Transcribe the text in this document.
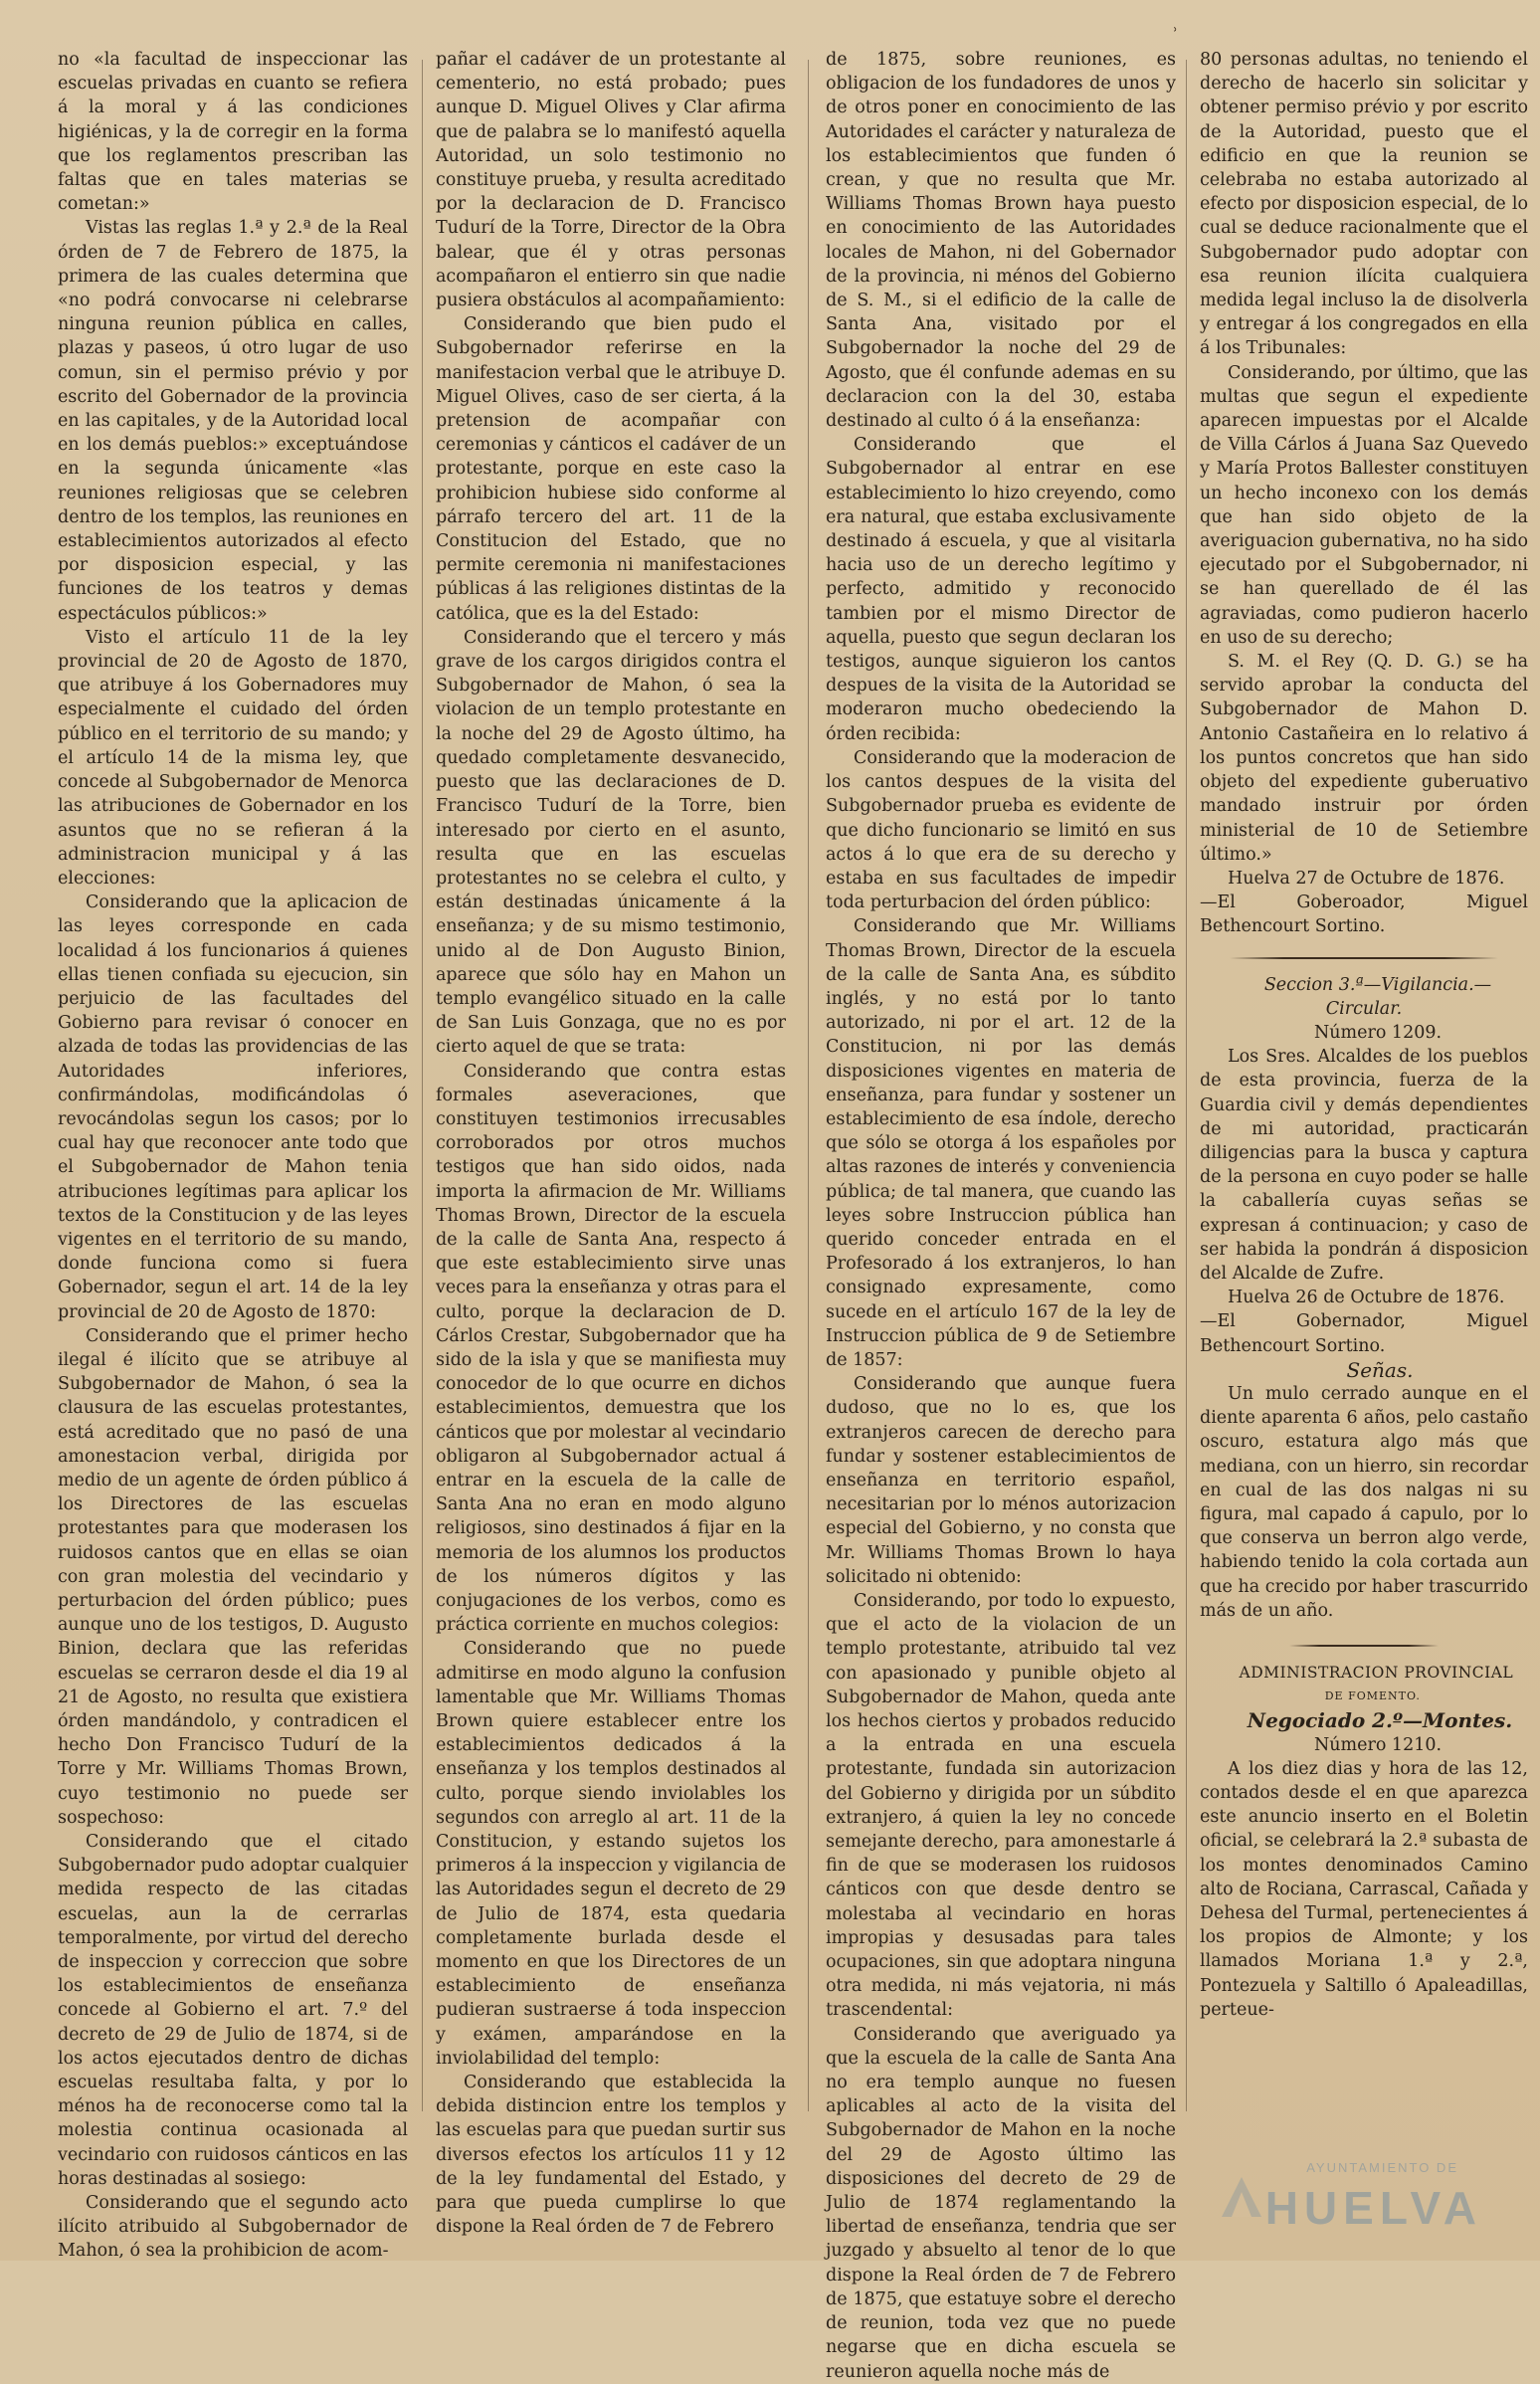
⸒

no «la facultad de inspeccionar las escuelas privadas en cuanto se refiera á la moral y á las condiciones higiénicas, y la de corregir en la forma que los reglamentos prescriban las faltas que en tales materias se cometan:»

Vistas las reglas 1.ª y 2.ª de la Real órden de 7 de Febrero de 1875, la primera de las cuales determina que «no podrá convocarse ni celebrarse ninguna reunion pública en calles, plazas y paseos, ú otro lugar de uso comun, sin el permiso prévio y por escrito del Gobernador de la provincia en las capitales, y de la Autoridad local en los demás pueblos:» exceptuándose en la segunda únicamente «las reuniones religiosas que se celebren dentro de los templos, las reuniones en establecimientos autorizados al efecto por disposicion especial, y las funciones de los teatros y demas espectáculos públicos:»

Visto el artículo 11 de la ley provincial de 20 de Agosto de 1870, que atribuye á los Gobernadores muy especialmente el cuidado del órden público en el territorio de su mando; y el artículo 14 de la misma ley, que concede al Subgobernador de Menorca las atribuciones de Gobernador en los asuntos que no se refieran á la administracion municipal y á las elecciones:

Considerando que la aplicacion de las leyes corresponde en cada localidad á los funcionarios á quienes ellas tienen confiada su ejecucion, sin perjuicio de las facultades del Gobierno para revisar ó conocer en alzada de todas las providencias de las Autoridades inferiores, confirmándolas, modificándolas ó revocándolas segun los casos; por lo cual hay que reconocer ante todo que el Subgobernador de Mahon tenia atribuciones legítimas para aplicar los textos de la Constitucion y de las leyes vigentes en el territorio de su mando, donde funciona como si fuera Gobernador, segun el art. 14 de la ley provincial de 20 de Agosto de 1870:

Considerando que el primer hecho ilegal é ilícito que se atribuye al Subgobernador de Mahon, ó sea la clausura de las escuelas protestantes, está acreditado que no pasó de una amonestacion verbal, dirigida por medio de un agente de órden público á los Directores de las escuelas protestantes para que moderasen los ruidosos cantos que en ellas se oian con gran molestia del vecindario y perturbacion del órden público; pues aunque uno de los testigos, D. Augusto Binion, declara que las referidas escuelas se cerraron desde el dia 19 al 21 de Agosto, no resulta que existiera órden mandándolo, y contradicen el hecho Don Francisco Tudurí de la Torre y Mr. Williams Thomas Brown, cuyo testimonio no puede ser sospechoso:

Considerando que el citado Subgobernador pudo adoptar cualquier medida respecto de las citadas escuelas, aun la de cerrarlas temporalmente, por virtud del derecho de inspeccion y correccion que sobre los establecimientos de enseñanza concede al Gobierno el art. 7.º del decreto de 29 de Julio de 1874, si de los actos ejecutados dentro de dichas escuelas resultaba falta, y por lo ménos ha de reconocerse como tal la molestia continua ocasionada al vecindario con ruidosos cánticos en las horas destinadas al sosiego:

Considerando que el segundo acto ilícito atribuido al Subgobernador de Mahon, ó sea la prohibicion de acom-

pañar el cadáver de un protestante al cementerio, no está probado; pues aunque D. Miguel Olives y Clar afirma que de palabra se lo manifestó aquella Autoridad, un solo testimonio no constituye prueba, y resulta acreditado por la declaracion de D. Francisco Tudurí de la Torre, Director de la Obra balear, que él y otras personas acompañaron el entierro sin que nadie pusiera obstáculos al acompañamiento:

Considerando que bien pudo el Subgobernador referirse en la manifestacion verbal que le atribuye D. Miguel Olives, caso de ser cierta, á la pretension de acompañar con ceremonias y cánticos el cadáver de un protestante, porque en este caso la prohibicion hubiese sido conforme al párrafo tercero del art. 11 de la Constitucion del Estado, que no permite ceremonia ni manifestaciones públicas á las religiones distintas de la católica, que es la del Estado:

Considerando que el tercero y más grave de los cargos dirigidos contra el Subgobernador de Mahon, ó sea la violacion de un templo protestante en la noche del 29 de Agosto último, ha quedado completamente desvanecido, puesto que las declaraciones de D. Francisco Tudurí de la Torre, bien interesado por cierto en el asunto, resulta que en las escuelas protestantes no se celebra el culto, y están destinadas únicamente á la enseñanza; y de su mismo testimonio, unido al de Don Augusto Binion, aparece que sólo hay en Mahon un templo evangélico situado en la calle de San Luis Gonzaga, que no es por cierto aquel de que se trata:

Considerando que contra estas formales aseveraciones, que constituyen testimonios irrecusables corroborados por otros muchos testigos que han sido oidos, nada importa la afirmacion de Mr. Williams Thomas Brown, Director de la escuela de la calle de Santa Ana, respecto á que este establecimiento sirve unas veces para la enseñanza y otras para el culto, porque la declaracion de D. Cárlos Crestar, Subgobernador que ha sido de la isla y que se manifiesta muy conocedor de lo que ocurre en dichos establecimientos, demuestra que los cánticos que por molestar al vecindario obligaron al Subgobernador actual á entrar en la escuela de la calle de Santa Ana no eran en modo alguno religiosos, sino destinados á fijar en la memoria de los alumnos los productos de los números dígitos y las conjugaciones de los verbos, como es práctica corriente en muchos colegios:

Considerando que no puede admitirse en modo alguno la confusion lamentable que Mr. Williams Thomas Brown quiere establecer entre los establecimientos dedicados á la enseñanza y los templos destinados al culto, porque siendo inviolables los segundos con arreglo al art. 11 de la Constitucion, y estando sujetos los primeros á la inspeccion y vigilancia de las Autoridades segun el decreto de 29 de Julio de 1874, esta quedaria completamente burlada desde el momento en que los Directores de un establecimiento de enseñanza pudieran sustraerse á toda inspeccion y exámen, amparándose en la inviolabilidad del templo:

Considerando que establecida la debida distincion entre los templos y las escuelas para que puedan surtir sus diversos efectos los artículos 11 y 12 de la ley fundamental del Estado, y para que pueda cumplirse lo que dispone la Real órden de 7 de Febrero

de 1875, sobre reuniones, es obligacion de los fundadores de unos y de otros poner en conocimiento de las Autoridades el carácter y naturaleza de los establecimientos que funden ó crean, y que no resulta que Mr. Williams Thomas Brown haya puesto en conocimiento de las Autoridades locales de Mahon, ni del Gobernador de la provincia, ni ménos del Gobierno de S. M., si el edificio de la calle de Santa Ana, visitado por el Subgobernador la noche del 29 de Agosto, que él confunde ademas en su declaracion con la del 30, estaba destinado al culto ó á la enseñanza:

Considerando que el Subgobernador al entrar en ese establecimiento lo hizo creyendo, como era natural, que estaba exclusivamente destinado á escuela, y que al visitarla hacia uso de un derecho legítimo y perfecto, admitido y reconocido tambien por el mismo Director de aquella, puesto que segun declaran los testigos, aunque siguieron los cantos despues de la visita de la Autoridad se moderaron mucho obedeciendo la órden recibida:

Considerando que la moderacion de los cantos despues de la visita del Subgobernador prueba es evidente de que dicho funcionario se limitó en sus actos á lo que era de su derecho y estaba en sus facultades de impedir toda perturbacion del órden público:

Considerando que Mr. Williams Thomas Brown, Director de la escuela de la calle de Santa Ana, es súbdito inglés, y no está por lo tanto autorizado, ni por el art. 12 de la Constitucion, ni por las demás disposiciones vigentes en materia de enseñanza, para fundar y sostener un establecimiento de esa índole, derecho que sólo se otorga á los españoles por altas razones de interés y conveniencia pública; de tal manera, que cuando las leyes sobre Instruccion pública han querido conceder entrada en el Profesorado á los extranjeros, lo han consignado expresamente, como sucede en el artículo 167 de la ley de Instruccion pública de 9 de Setiembre de 1857:

Considerando que aunque fuera dudoso, que no lo es, que los extranjeros carecen de derecho para fundar y sostener establecimientos de enseñanza en territorio español, necesitarian por lo ménos autorizacion especial del Gobierno, y no consta que Mr. Williams Thomas Brown lo haya solicitado ni obtenido:

Considerando, por todo lo expuesto, que el acto de la violacion de un templo protestante, atribuido tal vez con apasionado y punible objeto al Subgobernador de Mahon, queda ante los hechos ciertos y probados reducido a la entrada en una escuela protestante, fundada sin autorizacion del Gobierno y dirigida por un súbdito extranjero, á quien la ley no concede semejante derecho, para amonestarle á fin de que se moderasen los ruidosos cánticos con que desde dentro se molestaba al vecindario en horas impropias y desusadas para tales ocupaciones, sin que adoptara ninguna otra medida, ni más vejatoria, ni más trascendental:

Considerando que averiguado ya que la escuela de la calle de Santa Ana no era templo aunque no fuesen aplicables al acto de la visita del Subgobernador de Mahon en la noche del 29 de Agosto último las disposiciones del decreto de 29 de Julio de 1874 reglamentando la libertad de enseñanza, tendria que ser juzgado y absuelto al tenor de lo que dispone la Real órden de 7 de Febrero de 1875, que estatuye sobre el derecho de reunion, toda vez que no puede negarse que en dicha escuela se reunieron aquella noche más de

80 personas adultas, no teniendo el derecho de hacerlo sin solicitar y obtener permiso prévio y por escrito de la Autoridad, puesto que el edificio en que la reunion se celebraba no estaba autorizado al efecto por disposicion especial, de lo cual se deduce racionalmente que el Subgobernador pudo adoptar con esa reunion ilícita cualquiera medida legal incluso la de disolverla y entregar á los congregados en ella á los Tribunales:

Considerando, por último, que las multas que segun el expediente aparecen impuestas por el Alcalde de Villa Cárlos á Juana Saz Quevedo y María Protos Ballester constituyen un hecho inconexo con los demás que han sido objeto de la averiguacion gubernativa, no ha sido ejecutado por el Subgobernador, ni se han querellado de él las agraviadas, como pudieron hacerlo en uso de su derecho;

S. M. el Rey (Q. D. G.) se ha servido aprobar la conducta del Subgobernador de Mahon D. Antonio Castañeira en lo relativo á los puntos concretos que han sido objeto del expediente guberuativo mandado instruir por órden ministerial de 10 de Setiembre último.»

Huelva 27 de Octubre de 1876.

—El Goberoador, Miguel Bethencourt Sortino.

Seccion 3.ª—Vigilancia.—Circular.

Número 1209.

Los Sres. Alcaldes de los pueblos de esta provincia, fuerza de la Guardia civil y demás dependientes de mi autoridad, practicarán diligencias para la busca y captura de la persona en cuyo poder se halle la caballería cuyas señas se expresan á continuacion; y caso de ser habida la pondrán á disposicion del Alcalde de Zufre.

Huelva 26 de Octubre de 1876.

—El Gobernador, Miguel Bethencourt Sortino.

Señas.

Un mulo cerrado aunque en el diente aparenta 6 años, pelo castaño oscuro, estatura algo más que mediana, con un hierro, sin recordar en cual de las dos nalgas ni su figura, mal capado á capulo, por lo que conserva un berron algo verde, habiendo tenido la cola cortada aun que ha crecido por haber trascurrido más de un año.

ADMINISTRACION PROVINCIAL

DE FOMENTO.

Negociado 2.º—Montes.

Número 1210.

A los diez dias y hora de las 12, contados desde el en que aparezca este anuncio inserto en el Boletin oficial, se celebrará la 2.ª subasta de los montes denominados Camino alto de Rociana, Carrascal, Cañada y Dehesa del Turmal, pertenecientes á los propios de Almonte; y los llamados Moriana 1.ª y 2.ª, Pontezuela y Saltillo ó Apaleadillas, perteue-

AYUNTAMIENTO DE
HUELVA
